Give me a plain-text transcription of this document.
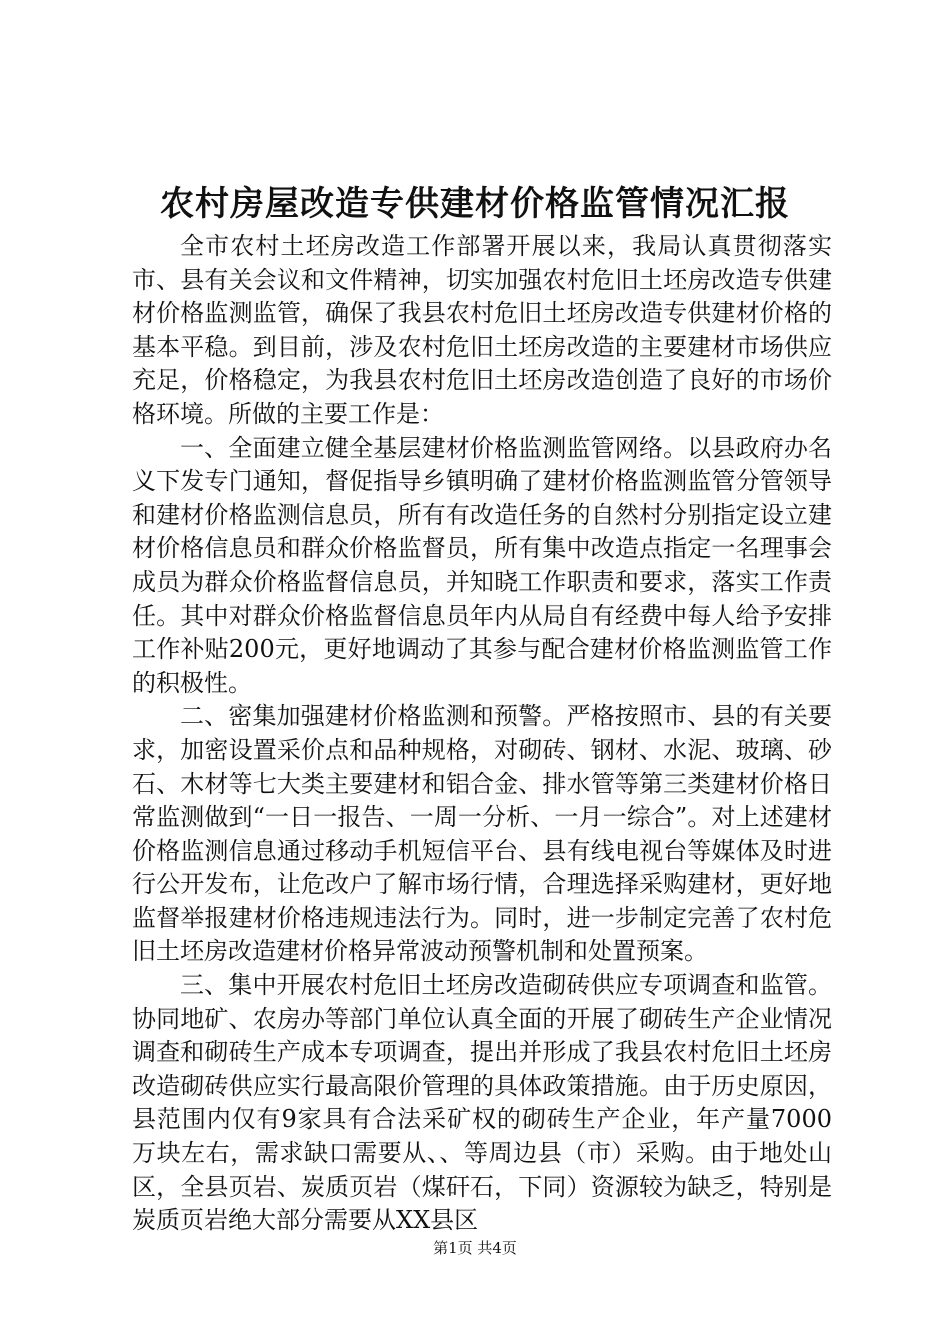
农村房屋改造专供建材价格监管情况汇报

全市农村土坯房改造工作部署开展以来，我局认真贯彻落实市、县有关会议和文件精神，切实加强农村危旧土坯房改造专供建材价格监测监管，确保了我县农村危旧土坯房改造专供建材价格的基本平稳。到目前，涉及农村危旧土坯房改造的主要建材市场供应充足，价格稳定，为我县农村危旧土坯房改造创造了良好的市场价格环境。所做的主要工作是：

一、全面建立健全基层建材价格监测监管网络。以县政府办名义下发专门通知，督促指导乡镇明确了建材价格监测监管分管领导和建材价格监测信息员，所有有改造任务的自然村分别指定设立建材价格信息员和群众价格监督员，所有集中改造点指定一名理事会成员为群众价格监督信息员，并知晓工作职责和要求，落实工作责任。其中对群众价格监督信息员年内从局自有经费中每人给予安排工作补贴200元，更好地调动了其参与配合建材价格监测监管工作的积极性。

二、密集加强建材价格监测和预警。严格按照市、县的有关要求，加密设置采价点和品种规格，对砌砖、钢材、水泥、玻璃、砂石、木材等七大类主要建材和铝合金、排水管等第三类建材价格日常监测做到“一日一报告、一周一分析、一月一综合”。对上述建材价格监测信息通过移动手机短信平台、县有线电视台等媒体及时进行公开发布，让危改户了解市场行情，合理选择采购建材，更好地监督举报建材价格违规违法行为。同时，进一步制定完善了农村危旧土坯房改造建材价格异常波动预警机制和处置预案。

三、集中开展农村危旧土坯房改造砌砖供应专项调查和监管。协同地矿、农房办等部门单位认真全面的开展了砌砖生产企业情况调查和砌砖生产成本专项调查，提出并形成了我县农村危旧土坯房改造砌砖供应实行最高限价管理的具体政策措施。由于历史原因，县范围内仅有9家具有合法采矿权的砌砖生产企业，年产量7000万块左右，需求缺口需要从、、等周边县（市）采购。由于地处山区，全县页岩、炭质页岩（煤矸石，下同）资源较为缺乏，特别是炭质页岩绝大部分需要从XX县区

第1页 共4页
